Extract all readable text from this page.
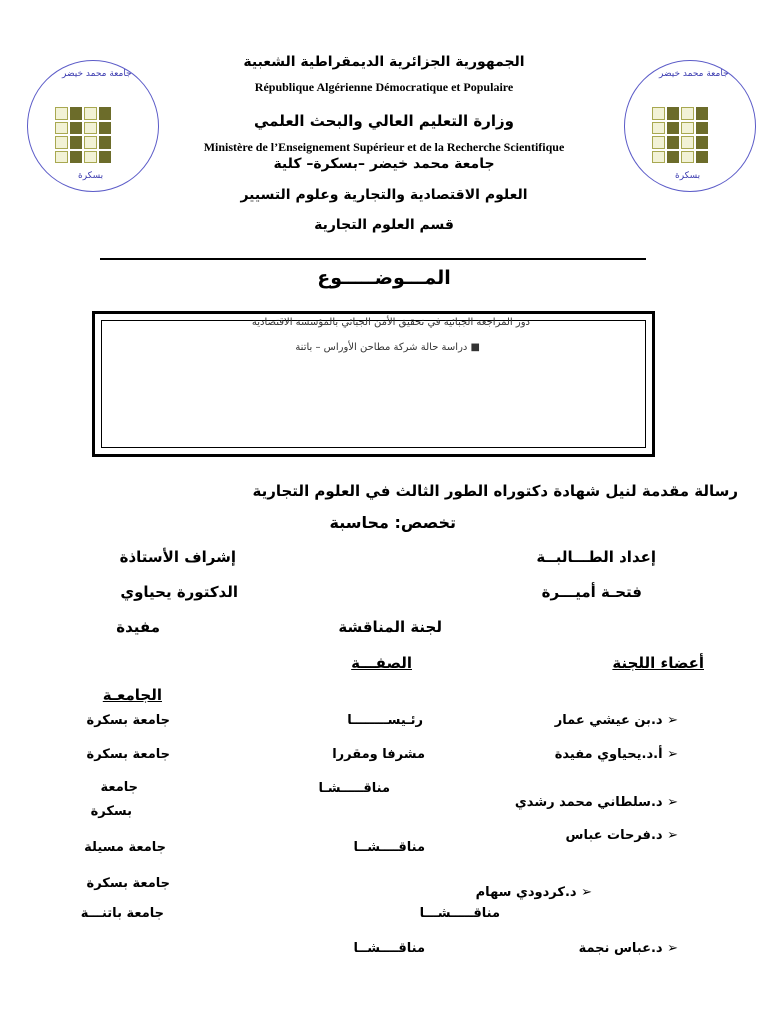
جامعة محمد خيضر
بسكرة
جامعة محمد خيضر
بسكرة
الجمهورية الجزائرية الديمقراطية الشعبية
République Algérienne Démocratique et Populaire
وزارة التعليم العالي والبحث العلمي
Ministère de l’Enseignement Supérieur et de la Recherche Scientifique
جامعة محمد خيضر –بسكرة– كلية
العلوم الاقتصادية والتجارية وعلوم التسيير
قسم العلوم التجارية
المـــوضـــــوع
دور المراجعة الجبائية في تحقيق الأمن الجبائي بالمؤسسة الاقتصادية
■ دراسة حالة شركة مطاحن الأوراس – باتنة
رسالة مقدمة لنيل شهادة دكتوراه الطور الثالث في العلوم التجارية
تخصص: محاسبة
إعداد الطـــالبــة
إشراف الأستاذة
فتحـة أميـــرة
الدكتورة يحياوي
مفيدة	لجنة المناقشة
أعضاء اللجنة
الصفـــة
الجامعـة
➢ د.بن عيشي عمار
رئـيســــــــا
جامعة بسكرة
➢ أ.د.يحياوي مفيدة
مشرفا ومقررا
جامعة بسكرة
جامعة	مناقـــــشـا
➢ د.سلطاني محمد رشدي
بسكرة
➢ د.فرحات عباس
مناقــــشــا
جامعة مسيلة
جامعة بسكرة
➢ د.كردودي سهام
مناقـــــشـــا
جامعة باتنـــة
➢ د.عباس نجمة
مناقــــشــا
